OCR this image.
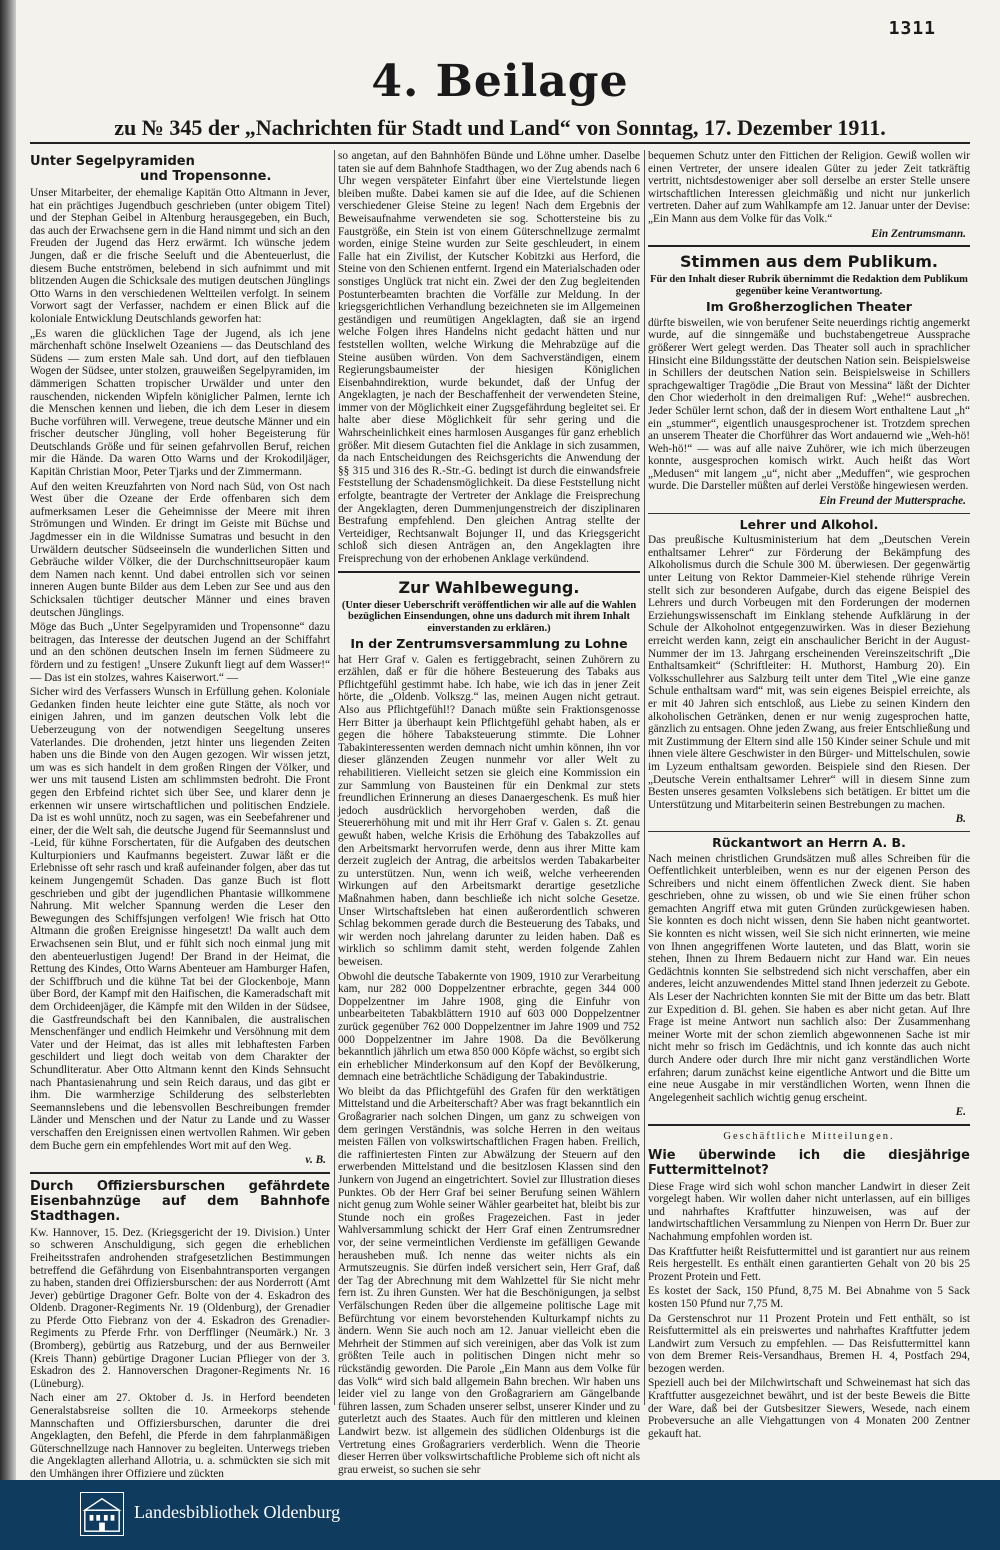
1311
4. Beilage
zu № 345 der „Nachrichten für Stadt und Land“ von Sonntag, 17. Dezember 1911.
Unter Segelpyramiden
und Tropensonne.

Unser Mitarbeiter, der ehemalige Kapitän Otto Altmann in Jever, hat ein prächtiges Jugendbuch geschrieben (unter obigem Titel) und der Stephan Geibel in Altenburg herausgegeben, ein Buch, das auch der Erwachsene gern in die Hand nimmt und sich an den Freuden der Jugend das Herz erwärmt. Ich wünsche jedem Jungen, daß er die frische Seeluft und die Abenteuerlust, die diesem Buche entströmen, belebend in sich aufnimmt und mit blitzenden Augen die Schicksale des mutigen deutschen Jünglings Otto Warns in den verschiedenen Weltteilen verfolgt. In seinem Vorwort sagt der Verfasser, nachdem er einen Blick auf die koloniale Entwicklung Deutschlands geworfen hat:

„Es waren die glücklichen Tage der Jugend, als ich jene märchenhaft schöne Inselwelt Ozeaniens — das Deutschland des Südens — zum ersten Male sah. Und dort, auf den tiefblauen Wogen der Südsee, unter stolzen, grauweißen Segelpyramiden, im dämmerigen Schatten tropischer Urwälder und unter den rauschenden, nickenden Wipfeln königlicher Palmen, lernte ich die Menschen kennen und lieben, die ich dem Leser in diesem Buche vorführen will. Verwegene, treue deutsche Männer und ein frischer deutscher Jüngling, voll hoher Begeisterung für Deutschlands Größe und für seinen gefahrvollen Beruf, reichen mir die Hände. Da waren Otto Warns und der Krokodiljäger, Kapitän Christian Moor, Peter Tjarks und der Zimmermann.

Auf den weiten Kreuzfahrten von Nord nach Süd, von Ost nach West über die Ozeane der Erde offenbaren sich dem aufmerksamen Leser die Geheimnisse der Meere mit ihren Strömungen und Winden. Er dringt im Geiste mit Büchse und Jagdmesser ein in die Wildnisse Sumatras und besucht in den Urwäldern deutscher Südseeinseln die wunderlichen Sitten und Gebräuche wilder Völker, die der Durchschnittseuropäer kaum dem Namen nach kennt. Und dabei entrollen sich vor seinen inneren Augen bunte Bilder aus dem Leben zur See und aus den Schicksalen tüchtiger deutscher Männer und eines braven deutschen Jünglings.

Möge das Buch „Unter Segelpyramiden und Tropensonne“ dazu beitragen, das Interesse der deutschen Jugend an der Schiffahrt und an den schönen deutschen Inseln im fernen Südmeere zu fördern und zu festigen! „Unsere Zukunft liegt auf dem Wasser!“ — Das ist ein stolzes, wahres Kaiserwort.“ —

Sicher wird des Verfassers Wunsch in Erfüllung gehen. Koloniale Gedanken finden heute leichter eine gute Stätte, als noch vor einigen Jahren, und im ganzen deutschen Volk lebt die Ueberzeugung von der notwendigen Seegeltung unseres Vaterlandes. Die drohenden, jetzt hinter uns liegenden Zeiten haben uns die Binde von den Augen gezogen. Wir wissen jetzt, um was es sich handelt in dem großen Ringen der Völker, und wer uns mit tausend Listen am schlimmsten bedroht. Die Front gegen den Erbfeind richtet sich über See, und klarer denn je erkennen wir unsere wirtschaftlichen und politischen Endziele. Da ist es wohl unnütz, noch zu sagen, was ein Seebefahrener und einer, der die Welt sah, die deutsche Jugend für Seemannslust und -Leid, für kühne Forschertaten, für die Aufgaben des deutschen Kulturpioniers und Kaufmanns begeistert. Zuwar läßt er die Erlebnisse oft sehr rasch und kraß aufeinander folgen, aber das tut keinem Jungengemüt Schaden. Das ganze Buch ist flott geschrieben und gibt der jugendlichen Phantasie willkommene Nahrung. Mit welcher Spannung werden die Leser den Bewegungen des Schiffsjungen verfolgen! Wie frisch hat Otto Altmann die großen Ereignisse hingesetzt! Da wallt auch dem Erwachsenen sein Blut, und er fühlt sich noch einmal jung mit den abenteuerlustigen Jugend! Der Brand in der Heimat, die Rettung des Kindes, Otto Warns Abenteuer am Hamburger Hafen, der Schiffbruch und die kühne Tat bei der Glockenboje, Mann über Bord, der Kampf mit den Haifischen, die Kameradschaft mit dem Orchideenjäger, die Kämpfe mit den Wilden in der Südsee, die Gastfreundschaft bei den Kannibalen, die australischen Menschenfänger und endlich Heimkehr und Versöhnung mit dem Vater und der Heimat, das ist alles mit lebhaftesten Farben geschildert und liegt doch weitab von dem Charakter der Schundliteratur. Aber Otto Altmann kennt den Kinds Sehnsucht nach Phantasienahrung und sein Reich daraus, und das gibt er ihm. Die warmherzige Schilderung des selbsterlebten Seemannslebens und die lebensvollen Beschreibungen fremder Länder und Menschen und der Natur zu Lande und zu Wasser verschaffen den Ereignissen einen wertvollen Rahmen. Wir geben dem Buche gern ein empfehlendes Wort mit auf den Weg.

v. B.
Durch Offiziersburschen gefährdete Eisenbahnzüge auf dem Bahnhofe Stadthagen.

Kw. Hannover, 15. Dez. (Kriegsgericht der 19. Division.) Unter so schweren Anschuldigung, sich gegen die erheblichen Freiheitsstrafen androhenden strafgesetzlichen Bestimmungen betreffend die Gefährdung von Eisenbahntransporten vergangen zu haben, standen drei Offiziersburschen: der aus Norderrott (Amt Jever) gebürtige Dragoner Gefr. Bolte von der 4. Eskadron des Oldenb. Dragoner-Regiments Nr. 19 (Oldenburg), der Grenadier zu Pferde Otto Fiebranz von der 4. Eskadron des Grenadier-Regiments zu Pferde Frhr. von Derfflinger (Neumärk.) Nr. 3 (Bromberg), gebürtig aus Ratzeburg, und der aus Bernweiler (Kreis Thann) gebürtige Dragoner Lucian Pflieger von der 3. Eskadron des 2. Hannoverschen Dragoner-Regiments Nr. 16 (Lüneburg).

Nach einer am 27. Oktober d. Js. in Herford beendeten Generalstabsreise sollten die 10. Armeekorps stehende Mannschaften und Offiziersburschen, darunter die drei Angeklagten, den Befehl, die Pferde in dem fahrplanmäßigen Güterschnellzuge nach Hannover zu begleiten. Unterwegs trieben die Angeklagten allerhand Allotria, u. a. schmückten sie sich mit den Umhängen ihrer Offiziere und zückten

so angetan, auf den Bahnhöfen Bünde und Löhne umher. Daselbe taten sie auf dem Bahnhofe Stadthagen, wo der Zug abends nach 6 Uhr wegen verspäteter Einfahrt über eine Viertelstunde liegen bleiben mußte. Dabei kamen sie auf die Idee, auf die Schienen verschiedener Gleise Steine zu legen! Nach dem Ergebnis der Beweisaufnahme verwendeten sie sog. Schottersteine bis zu Faustgröße, ein Stein ist von einem Güterschnellzuge zermalmt worden, einige Steine wurden zur Seite geschleudert, in einem Falle hat ein Zivilist, der Kutscher Kobitzki aus Herford, die Steine von den Schienen entfernt. Irgend ein Materialschaden oder sonstiges Unglück trat nicht ein. Zwei der den Zug begleitenden Postunterbeamten brachten die Vorfälle zur Meldung. In der kriegsgerichtlichen Verhandlung bezeichneten sie im Allgemeinen geständigen und reumütigen Angeklagten, daß sie an irgend welche Folgen ihres Handelns nicht gedacht hätten und nur feststellen wollten, welche Wirkung die Mehrabzüge auf die Steine ausüben würden. Von dem Sachverständigen, einem Regierungsbaumeister der hiesigen Königlichen Eisenbahndirektion, wurde bekundet, daß der Unfug der Angeklagten, je nach der Beschaffenheit der verwendeten Steine, immer von der Möglichkeit einer Zugsgefährdung begleitet sei. Er halte aber diese Möglichkeit für sehr gering und die Wahrscheinlichkeit eines harmlosen Ausganges für ganz erheblich größer. Mit diesem Gutachten fiel die Anklage in sich zusammen, da nach Entscheidungen des Reichsgerichts die Anwendung der §§ 315 und 316 des R.-Str.-G. bedingt ist durch die einwandsfreie Feststellung der Schadensmöglichkeit. Da diese Feststellung nicht erfolgte, beantragte der Vertreter der Anklage die Freisprechung der Angeklagten, deren Dummenjungenstreich der disziplinaren Bestrafung empfehlend. Den gleichen Antrag stellte der Verteidiger, Rechtsanwalt Bojunger II, und das Kriegsgericht schloß sich diesen Anträgen an, den Angeklagten ihre Freisprechung von der erhobenen Anklage verkündend.

Zur Wahlbewegung.
(Unter dieser Ueberschrift veröffentlichen wir alle auf die Wahlen bezüglichen Einsendungen, ohne uns dadurch mit ihrem Inhalt einverstanden zu erklären.)
In der Zentrumsversammlung zu Lohne

hat Herr Graf v. Galen es fertiggebracht, seinen Zuhörern zu erzählen, daß er für die höhere Besteuerung des Tabaks aus Pflichtgefühl gestimmt habe. Ich habe, wie ich das in jener Zeit hörte, die „Oldenb. Volkszg.“ las, meinen Augen nicht getraut. Also aus Pflichtgefühl!? Danach müßte sein Fraktionsgenosse Herr Bitter ja überhaupt kein Pflichtgefühl gehabt haben, als er gegen die höhere Tabaksteuerung stimmte. Die Lohner Tabakinteressenten werden demnach nicht umhin können, ihn vor dieser glänzenden Zeugen nunmehr vor aller Welt zu rehabilitieren. Vielleicht setzen sie gleich eine Kommission ein zur Sammlung von Bausteinen für ein Denkmal zur stets freundlichen Erinnerung an dieses Danaergeschenk. Es muß hier jedoch ausdrücklich hervorgehoben werden, daß die Steuererhöhung mit und mit ihr Herr Graf v. Galen s. Zt. genau gewußt haben, welche Krisis die Erhöhung des Tabakzolles auf den Arbeitsmarkt hervorrufen werde, denn aus ihrer Mitte kam derzeit zugleich der Antrag, die arbeitslos werden Tabakarbeiter zu unterstützen. Nun, wenn ich weiß, welche verheerenden Wirkungen auf den Arbeitsmarkt derartige gesetzliche Maßnahmen haben, dann beschließe ich nicht solche Gesetze. Unser Wirtschaftsleben hat einen außerordentlich schweren Schlag bekommen gerade durch die Besteuerung des Tabaks, und wir werden noch jahrelang darunter zu leiden haben. Daß es wirklich so schlimm damit steht, werden folgende Zahlen beweisen.

Obwohl die deutsche Tabakernte von 1909, 1910 zur Verarbeitung kam, nur 282 000 Doppelzentner erbrachte, gegen 344 000 Doppelzentner im Jahre 1908, ging die Einfuhr von unbearbeiteten Tabakblättern 1910 auf 603 000 Doppelzentner zurück gegenüber 762 000 Doppelzentner im Jahre 1909 und 752 000 Doppelzentner im Jahre 1908. Da die Bevölkerung bekanntlich jährlich um etwa 850 000 Köpfe wächst, so ergibt sich ein erheblicher Minderkonsum auf den Kopf der Bevölkerung, demnach eine beträchtliche Schädigung der Tabakindustrie.

Wo bleibt da das Pflichtgefühl des Grafen für den werktätigen Mittelstand und die Arbeiterschaft? Aber was fragt bekanntlich ein Großagrarier nach solchen Dingen, um ganz zu schweigen von dem geringen Verständnis, was solche Herren in den weitaus meisten Fällen von volkswirtschaftlichen Fragen haben. Freilich, die raffiniertesten Finten zur Abwälzung der Steuern auf den erwerbenden Mittelstand und die besitzlosen Klassen sind den Junkern von Jugend an eingetrichtert. Soviel zur Illustration dieses Punktes. Ob der Herr Graf bei seiner Berufung seinen Wählern nicht genug zum Wohle seiner Wähler gearbeitet hat, bleibt bis zur Stunde noch ein großes Fragezeichen. Fast in jeder Wahlversammlung schickt der Herr Graf einen Zentrumsredner vor, der seine vermeintlichen Verdienste im gefälligen Gewande herausheben muß. Ich nenne das weiter nichts als ein Armutszeugnis. Sie dürfen indeß versichert sein, Herr Graf, daß der Tag der Abrechnung mit dem Wahlzettel für Sie nicht mehr fern ist. Zu ihren Gunsten. Wer hat die Beschönigungen, ja selbst Verfälschungen Reden über die allgemeine politische Lage mit Befürchtung vor einem bevorstehenden Kulturkampf nichts zu ändern. Wenn Sie auch noch am 12. Januar vielleicht eben die Mehrheit der Stimmen auf sich vereinigen, aber das Volk ist zum größten Teile auch in politischen Dingen nicht mehr so rückständig geworden. Die Parole „Ein Mann aus dem Volke für das Volk“ wird sich bald allgemein Bahn brechen. Wir haben uns leider viel zu lange von den Großagrariern am Gängelbande führen lassen, zum Schaden unserer selbst, unserer Kinder und zu guterletzt auch des Staates. Auch für den mittleren und kleinen Landwirt bezw. ist allgemein des südlichen Oldenburgs ist die Vertretung eines Großagrariers verderblich. Wenn die Theorie dieser Herren über volkswirtschaftliche Probleme sich oft nicht als grau erweist, so suchen sie sehr

bequemen Schutz unter den Fittichen der Religion. Gewiß wollen wir einen Vertreter, der unsere idealen Güter zu jeder Zeit tatkräftig vertritt, nichtsdestoweniger aber soll derselbe an erster Stelle unsere wirtschaftlichen Interessen gleichmäßig und nicht nur junkerlich vertreten. Daher auf zum Wahlkampfe am 12. Januar unter der Devise: „Ein Mann aus dem Volke für das Volk.“

Ein Zentrumsmann.
Stimmen aus dem Publikum.
Für den Inhalt dieser Rubrik übernimmt die Redaktion dem Publikum gegenüber keine Verantwortung.
Im Großherzoglichen Theater

dürfte bisweilen, wie von berufener Seite neuerdings richtig angemerkt wurde, auf die sinngemäße und buchstabengetreue Aussprache größerer Wert gelegt werden. Das Theater soll auch in sprachlicher Hinsicht eine Bildungsstätte der deutschen Nation sein. Beispielsweise in Schillers der deutschen Nation sein. Beispielsweise in Schillers sprachgewaltiger Tragödie „Die Braut von Messina“ läßt der Dichter den Chor wiederholt in den dreimaligen Ruf: „Wehe!“ ausbrechen. Jeder Schüler lernt schon, daß der in diesem Wort enthaltene Laut „h“ ein „stummer“, eigentlich unausgesprochener ist. Trotzdem sprechen an unserem Theater die Chorführer das Wort andauernd wie „Weh-hö! Weh-hö!“ — was auf alle naive Zuhörer, wie ich mich überzeugen konnte, ausgesprochen komisch wirkt. Auch heißt das Wort „Medusen“ mit langem „u“, nicht aber „Meduffen“, wie gesprochen wurde. Die Darsteller müßten auf derlei Verstöße hingewiesen werden.

Ein Freund der Muttersprache.
Lehrer und Alkohol.

Das preußische Kultusministerium hat dem „Deutschen Verein enthaltsamer Lehrer“ zur Förderung der Bekämpfung des Alkoholismus durch die Schule 300 M. überwiesen. Der gegenwärtig unter Leitung von Rektor Dammeier-Kiel stehende rührige Verein stellt sich zur besonderen Aufgabe, durch das eigene Beispiel des Lehrers und durch Vorbeugen mit den Forderungen der modernen Erziehungswissenschaft im Einklang stehende Aufklärung in der Schule der Alkoholnot entgegenzuwirken. Was in dieser Beziehung erreicht werden kann, zeigt ein anschaulicher Bericht in der August-Nummer der im 13. Jahrgang erscheinenden Vereinszeitschrift „Die Enthaltsamkeit“ (Schriftleiter: H. Muthorst, Hamburg 20). Ein Volksschullehrer aus Salzburg teilt unter dem Titel „Wie eine ganze Schule enthaltsam ward“ mit, was sein eigenes Beispiel erreichte, als er mit 40 Jahren sich entschloß, aus Liebe zu seinen Kindern den alkoholischen Getränken, denen er nur wenig zugesprochen hatte, gänzlich zu entsagen. Ohne jeden Zwang, aus freier Entschließung und mit Zustimmung der Eltern sind alle 150 Kinder seiner Schule und mit ihnen viele ältere Geschwister in den Bürger- und Mittelschulen, sowie im Lyzeum enthaltsam geworden. Beispiele sind den Riesen. Der „Deutsche Verein enthaltsamer Lehrer“ will in diesem Sinne zum Besten unseres gesamten Volkslebens sich betätigen. Er bittet um die Unterstützung und Mitarbeiterin seinen Bestrebungen zu machen.

B.
Rückantwort an Herrn A. B.

Nach meinen christlichen Grundsätzen muß alles Schreiben für die Oeffentlichkeit unterbleiben, wenn es nur der eigenen Person des Schreibers und nicht einem öffentlichen Zweck dient. Sie haben geschrieben, ohne zu wissen, ob und wie Sie einen früher schon gemachten Angriff etwa mit guten Gründen zurückgewiesen haben. Sie konnten es doch nicht wissen, denn Sie haben nicht geantwortet. Sie konnten es nicht wissen, weil Sie sich nicht erinnerten, wie meine von Ihnen angegriffenen Worte lauteten, und das Blatt, worin sie stehen, Ihnen zu Ihrem Bedauern nicht zur Hand war. Ein neues Gedächtnis konnten Sie selbstredend sich nicht verschaffen, aber ein anderes, leicht anzuwendendes Mittel stand Ihnen jederzeit zu Gebote. Als Leser der Nachrichten konnten Sie mit der Bitte um das betr. Blatt zur Expedition d. Bl. gehen. Sie haben es aber nicht getan. Auf Ihre Frage ist meine Antwort nun sachlich also: Der Zusammenhang meiner Worte mit der schon ziemlich abgewonnenen Sache ist mir nicht mehr so frisch im Gedächtnis, und ich konnte das auch nicht durch Andere oder durch Ihre mir nicht ganz verständlichen Worte erfahren; darum zunächst keine eigentliche Antwort und die Bitte um eine neue Ausgabe in mir verständlichen Worten, wenn Ihnen die Angelegenheit sachlich wichtig genug erscheint.

E.
Geschäftliche Mitteilungen.
Wie überwinde ich die diesjährige Futtermittelnot?

Diese Frage wird sich wohl schon mancher Landwirt in dieser Zeit vorgelegt haben. Wir wollen daher nicht unterlassen, auf ein billiges und nahrhaftes Kraftfutter hinzuweisen, was auf der landwirtschaftlichen Versammlung zu Nienpen von Herrn Dr. Buer zur Nachahmung empfohlen worden ist.

Das Kraftfutter heißt Reisfuttermittel und ist garantiert nur aus reinem Reis hergestellt. Es enthält einen garantierten Gehalt von 20 bis 25 Prozent Protein und Fett.

Es kostet der Sack, 150 Pfund, 8,75 M. Bei Abnahme von 5 Sack kosten 150 Pfund nur 7,75 M.

Da Gerstenschrot nur 11 Prozent Protein und Fett enthält, so ist Reisfuttermittel als ein preiswertes und nahrhaftes Kraftfutter jedem Landwirt zum Versuch zu empfehlen. — Das Reisfuttermittel kann von dem Bremer Reis-Versandhaus, Bremen H. 4, Postfach 294, bezogen werden.

Speziell auch bei der Milchwirtschaft und Schweinemast hat sich das Kraftfutter ausgezeichnet bewährt, und ist der beste Beweis die Bitte der Ware, daß bei der Gutsbesitzer Siewers, Wesede, nach einem Probeversuche an alle Viehgattungen von 4 Monaten 200 Zentner gekauft hat.

Landesbibliothek Oldenburg
